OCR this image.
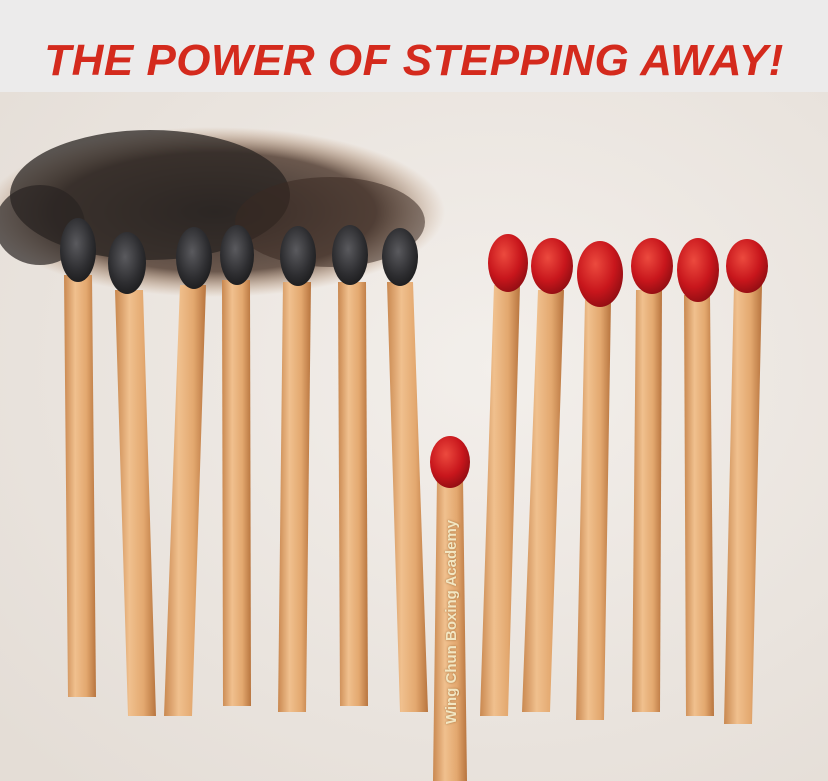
THE POWER OF STEPPING AWAY!
Wing Chun Boxing Academy
